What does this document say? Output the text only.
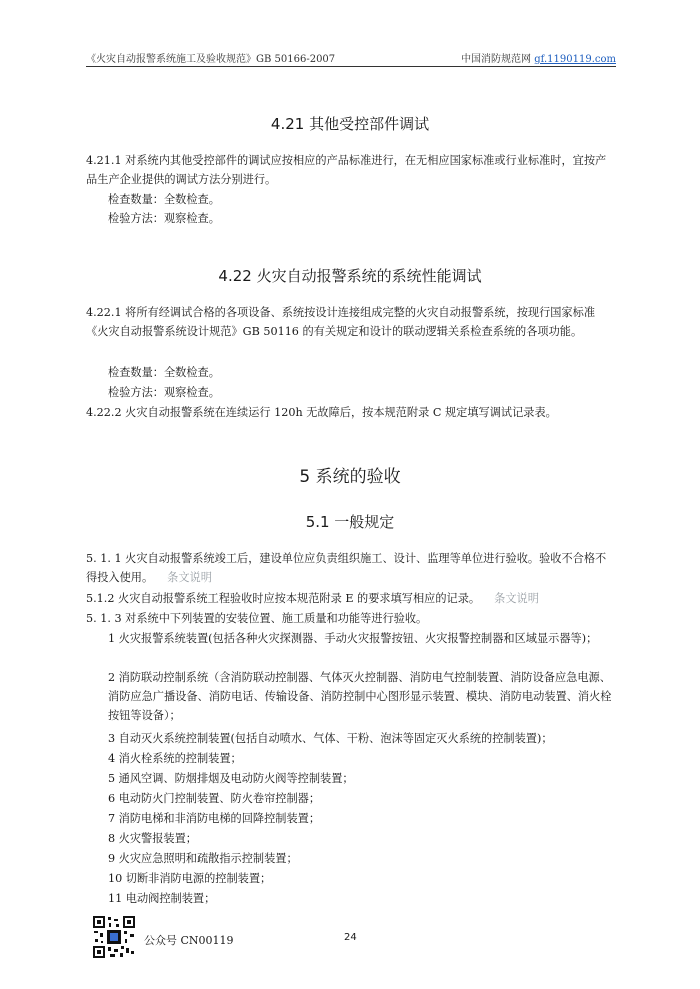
《火灾自动报警系统施工及验收规范》GB 50166-2007	中国消防规范网 gf.1190119.com
4.21 其他受控部件调试
4.21.1 对系统内其他受控部件的调试应按相应的产品标准进行，在无相应国家标准或行业标准时，宜按产品生产企业提供的调试方法分别进行。
检查数量：全数检查。
检验方法：观察检查。
4.22 火灾自动报警系统的系统性能调试
4.22.1 将所有经调试合格的各项设备、系统按设计连接组成完整的火灾自动报警系统，按现行国家标准《火灾自动报警系统设计规范》GB 50116 的有关规定和设计的联动逻辑关系检查系统的各项功能。
检查数量：全数检查。
检验方法：观察检查。
4.22.2 火灾自动报警系统在连续运行 120h 无故障后，按本规范附录 C 规定填写调试记录表。
5 系统的验收
5.1 一般规定
5. 1. 1 火灾自动报警系统竣工后，建设单位应负责组织施工、设计、监理等单位进行验收。验收不合格不得投入使用。 条文说明
5.1.2 火灾自动报警系统工程验收时应按本规范附录 E 的要求填写相应的记录。 条文说明
5. 1. 3 对系统中下列装置的安装位置、施工质量和功能等进行验收。
1 火灾报警系统装置(包括各种火灾探测器、手动火灾报警按钮、火灾报警控制器和区域显示器等)；
2 消防联动控制系统（含消防联动控制器、气体灭火控制器、消防电气控制装置、消防设备应急电源、消防应急广播设备、消防电话、传输设备、消防控制中心图形显示装置、模块、消防电动装置、消火栓按钮等设备）；
3 自动灭火系统控制装置(包括自动喷水、气体、干粉、泡沫等固定灭火系统的控制装置)；
4 消火栓系统的控制装置；
5 通风空调、防烟排烟及电动防火阀等控制装置；
6 电动防火门控制装置、防火卷帘控制器；
7 消防电梯和非消防电梯的回降控制装置；
8 火灾警报装置；
9 火灾应急照明和疏散指示控制装置；
10 切断非消防电源的控制装置；
11 电动阀控制装置；
公众号 CN00119	24
